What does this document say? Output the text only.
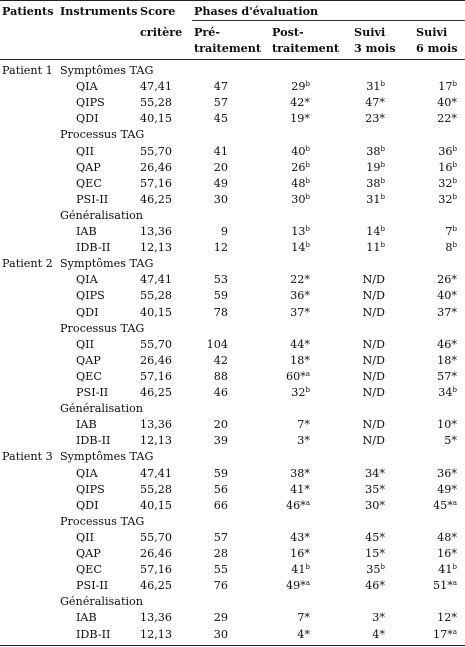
Patients Instruments Score Phases d'évaluation
critère Pré-
traitement
Post-
traitement
Suivi
3 mois
Suivi
6 mois
Patient 1 Symptômes TAG
QIA	47,41	47	29$^b$	31$^b$	17$^b$
QIPS	55,28	57	42*	47*	40*
QDI	40,15	45	19*	23*	22*
Processus TAG
QII	55,70	41	40$^b$	38$^b$	36$^b$
QAP	26,46	20	26$^b$	19$^b$	16$^b$
QEC	57,16	49	48$^b$	38$^b$	32$^b$
PSI-II	46,25	30	30$^b$	31$^b$	32$^b$
Généralisation
IAB	13,36	9	13$^b$	14$^b$	7$^b$
IDB-II	12,13	12	14$^b$	11$^b$	8$^b$
Patient 2 Symptômes TAG
QIA	47,41	53	22*	N/D	26*
QIPS	55,28	59	36*	N/D	40*
QDI	40,15	78	37*	N/D	37*
Processus TAG
QII	55,70	104	44*	N/D	46*
QAP	26,46	42	18*	N/D	18*
QEC	57,16	88	60*$^a$	N/D	57*
PSI-II	46,25	46	32$^b$	N/D	34$^b$
Généralisation
IAB	13,36	20	7*	N/D	10*
IDB-II	12,13	39	3*	N/D	5*
Patient 3 Symptômes TAG
QIA	47,41	59	38*	34*	36*
QIPS	55,28	56	41*	35*	49*
QDI	40,15	66	46*$^a$	30*	45*$^a$
Processus TAG
QII	55,70	57	43*	45*	48*
QAP	26,46	28	16*	15*	16*
QEC	57,16	55	41$^b$	35$^b$	41$^b$
PSI-II	46,25	76	49*$^a$	46*	51*$^a$
Généralisation
IAB	13,36	29	7*	3*	12*
IDB-II	12,13	30	4*	4*	17*$^a$
